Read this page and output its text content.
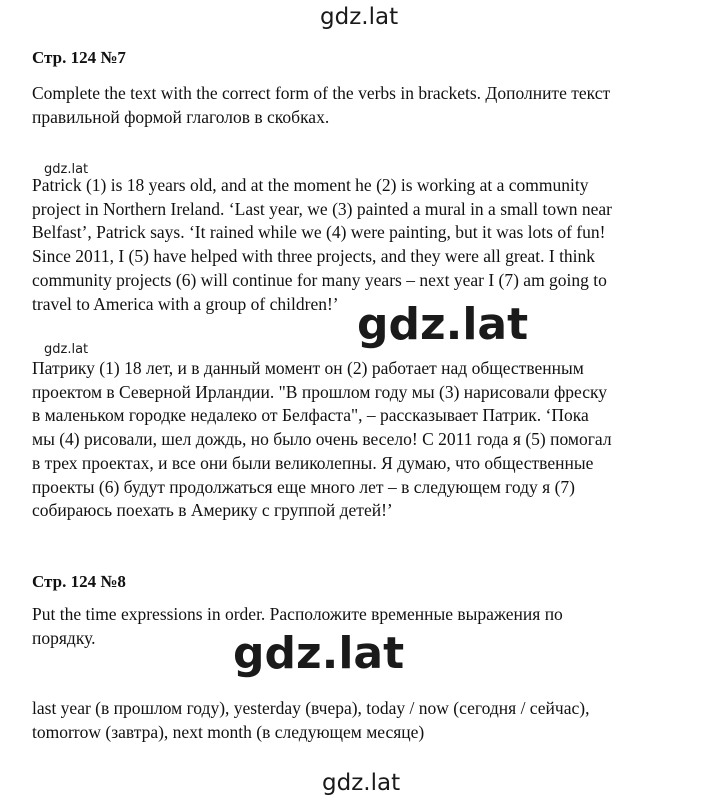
gdz.lat
Стр. 124 №7

Complete the text with the correct form of the verbs in brackets. Дополните текст
правильной формой глаголов в скобках.

gdz.lat

Patrick (1) is 18 years old, and at the moment he (2) is working at a community
project in Northern Ireland. ‘Last year, we (3) painted a mural in a small town near
Belfast’, Patrick says. ‘It rained while we (4) were painting, but it was lots of fun!
Since 2011, I (5) have helped with three projects, and they were all great. I think
community projects (6) will continue for many years – next year I (7) am going to
travel to America with a group of children!’ gdz.lat
gdz.lat

Патрику (1) 18 лет, и в данный момент он (2) работает над общественным
проектом в Северной Ирландии. "В прошлом году мы (3) нарисовали фреску
в маленьком городке недалеко от Белфаста", – рассказывает Патрик. ‘Пока
мы (4) рисовали, шел дождь, но было очень весело! С 2011 года я (5) помогал
в трех проектах, и все они были великолепны. Я думаю, что общественные
проекты (6) будут продолжаться еще много лет – в следующем году я (7)
собираюсь поехать в Америку с группой детей!’

Стр. 124 №8

Put the time expressions in order. Расположите временные выражения по
порядку.	gdz.lat

last year (в прошлом году), yesterday (вчера), today / now (сегодня / сейчас),
tomorrow (завтра), next month (в следующем месяце)

gdz.lat
